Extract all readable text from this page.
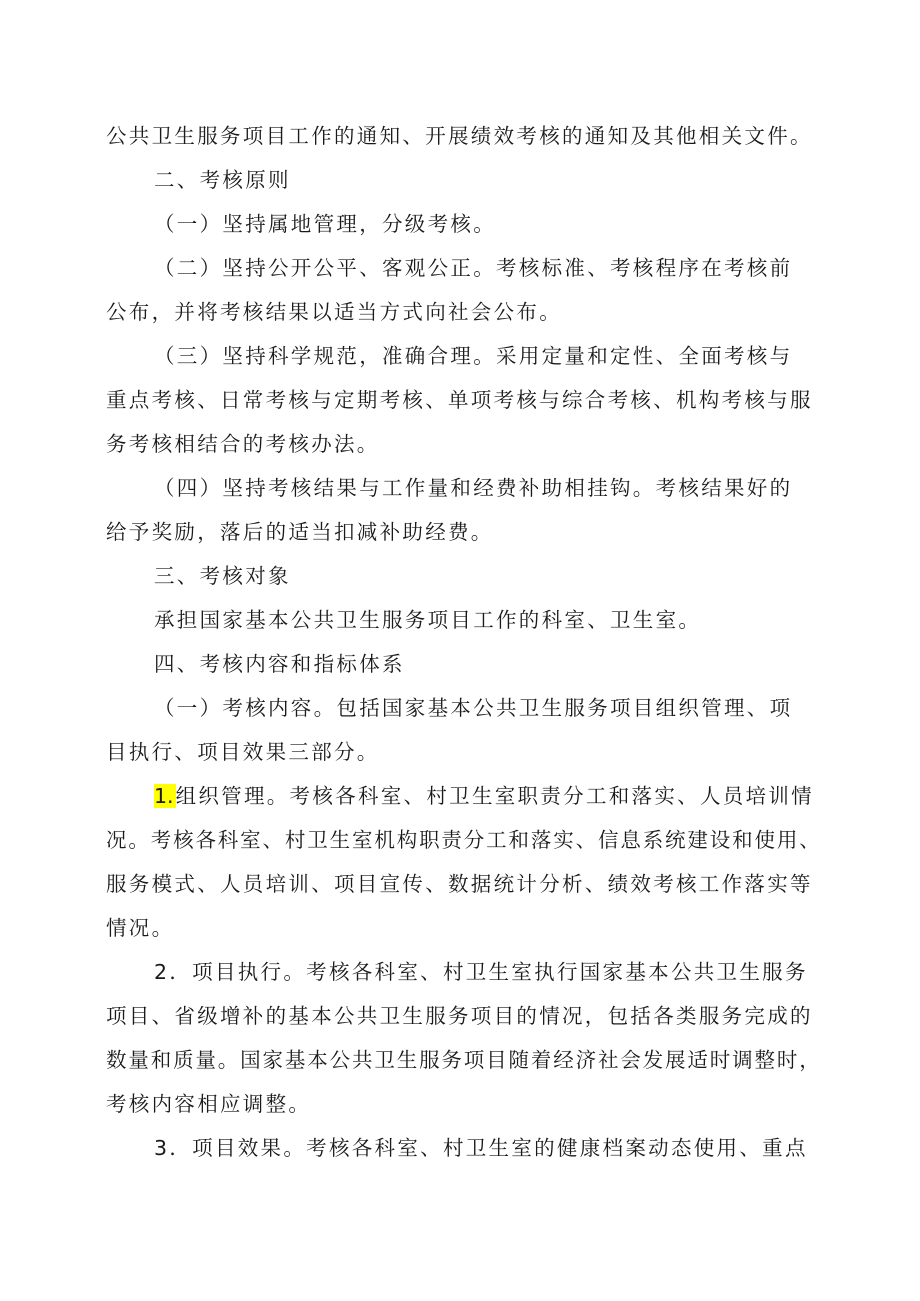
公共卫生服务项目工作的通知、开展绩效考核的通知及其他相关文件。
二、考核原则
（一）坚持属地管理，分级考核。
（二）坚持公开公平、客观公正。考核标准、考核程序在考核前
公布，并将考核结果以适当方式向社会公布。
（三）坚持科学规范，准确合理。采用定量和定性、全面考核与
重点考核、日常考核与定期考核、单项考核与综合考核、机构考核与服
务考核相结合的考核办法。
（四）坚持考核结果与工作量和经费补助相挂钩。考核结果好的
给予奖励，落后的适当扣减补助经费。
三、考核对象
承担国家基本公共卫生服务项目工作的科室、卫生室。
四、考核内容和指标体系
（一）考核内容。包括国家基本公共卫生服务项目组织管理、项
目执行、项目效果三部分。
1.组织管理。考核各科室、村卫生室职责分工和落实、人员培训情
况。考核各科室、村卫生室机构职责分工和落实、信息系统建设和使用、
服务模式、人员培训、项目宣传、数据统计分析、绩效考核工作落实等
情况。
2．项目执行。考核各科室、村卫生室执行国家基本公共卫生服务
项目、省级增补的基本公共卫生服务项目的情况，包括各类服务完成的
数量和质量。国家基本公共卫生服务项目随着经济社会发展适时调整时，
考核内容相应调整。
3．项目效果。考核各科室、村卫生室的健康档案动态使用、重点
